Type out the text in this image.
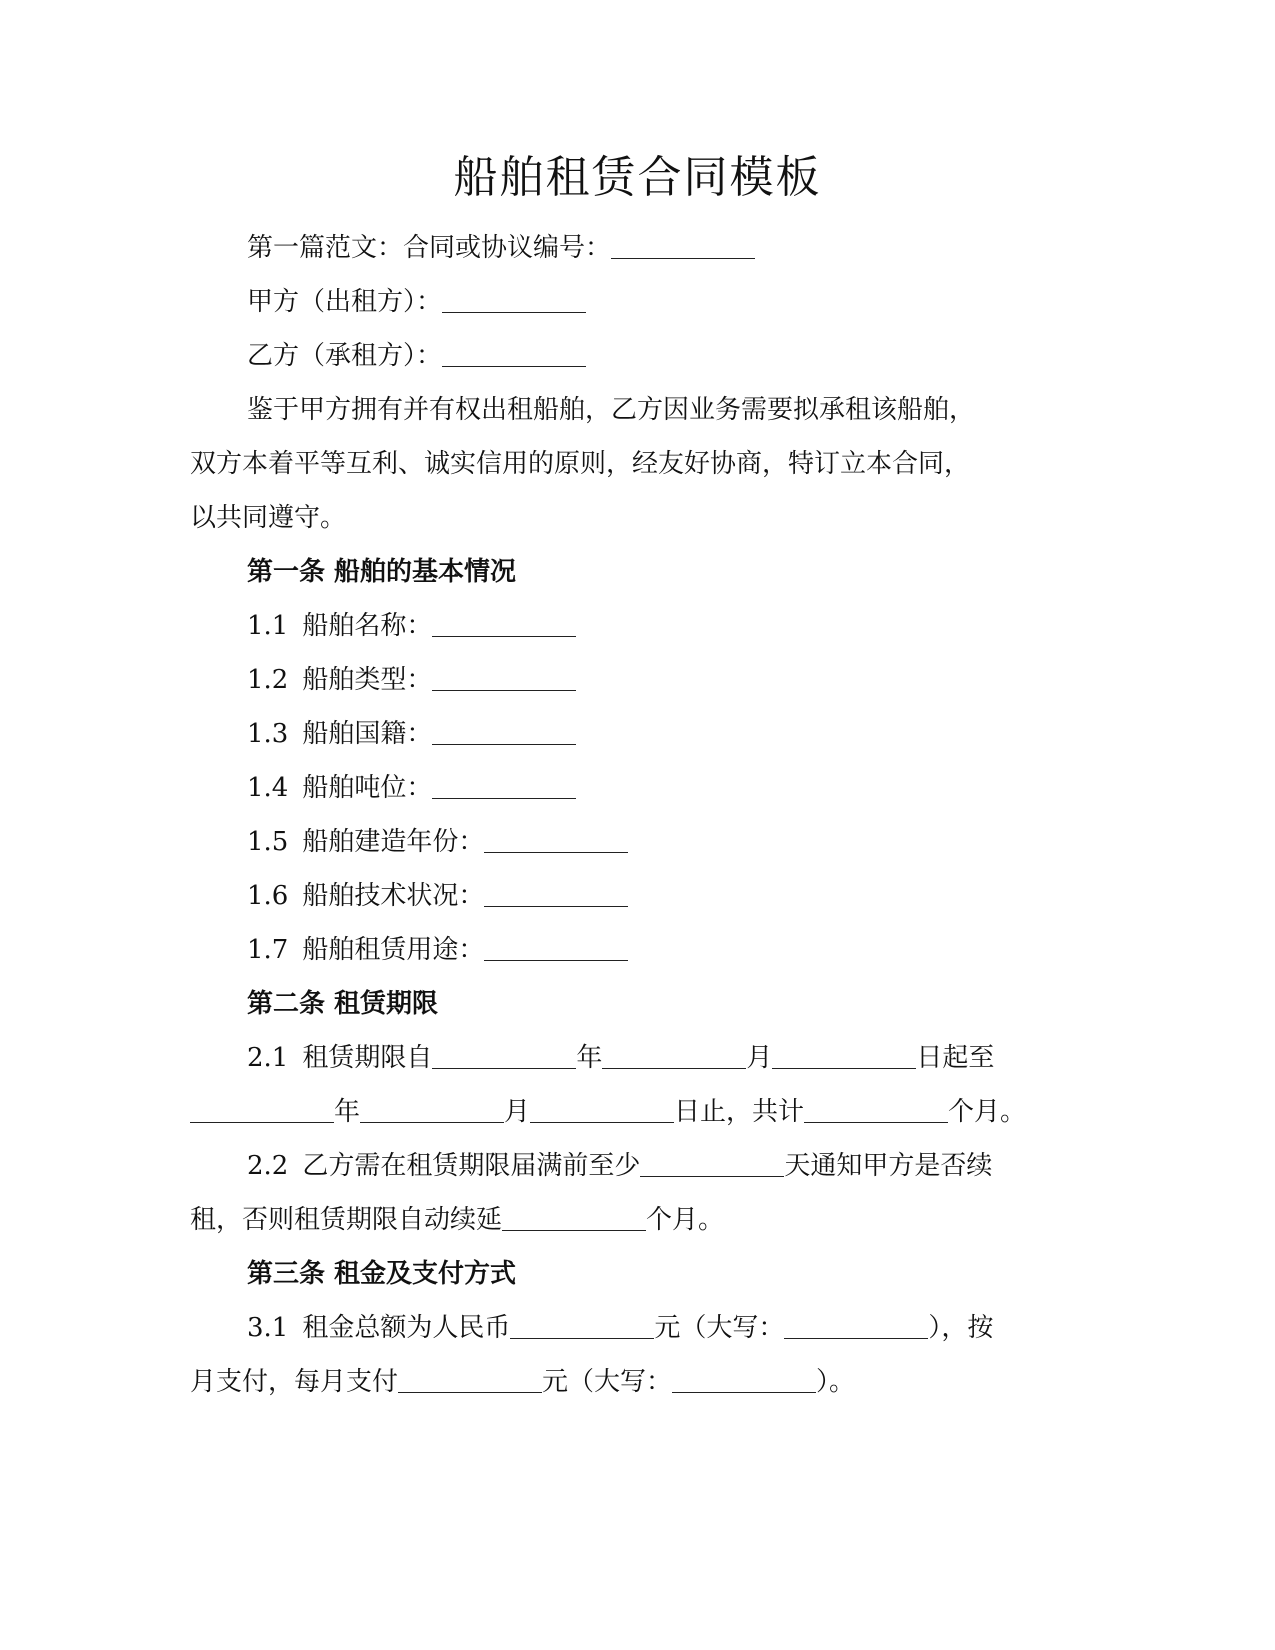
船舶租赁合同模板
第一篇范文：合同或协议编号：
甲方（出租方）：
乙方（承租方）：
鉴于甲方拥有并有权出租船舶，乙方因业务需要拟承租该船舶，
双方本着平等互利、诚实信用的原则，经友好协商，特订立本合同，
以共同遵守。
第一条 船舶的基本情况
1.1 船舶名称：
1.2 船舶类型：
1.3 船舶国籍：
1.4 船舶吨位：
1.5 船舶建造年份：
1.6 船舶技术状况：
1.7 船舶租赁用途：
第二条 租赁期限
2.1 租赁期限自	年	月	日起至
年	月	日止，共计	个月。
2.2 乙方需在租赁期限届满前至少	天通知甲方是否续
租，否则租赁期限自动续延	个月。
第三条 租金及支付方式
3.1 租金总额为人民币	元（大写：	），按
月支付，每月支付	元（大写：	）。
